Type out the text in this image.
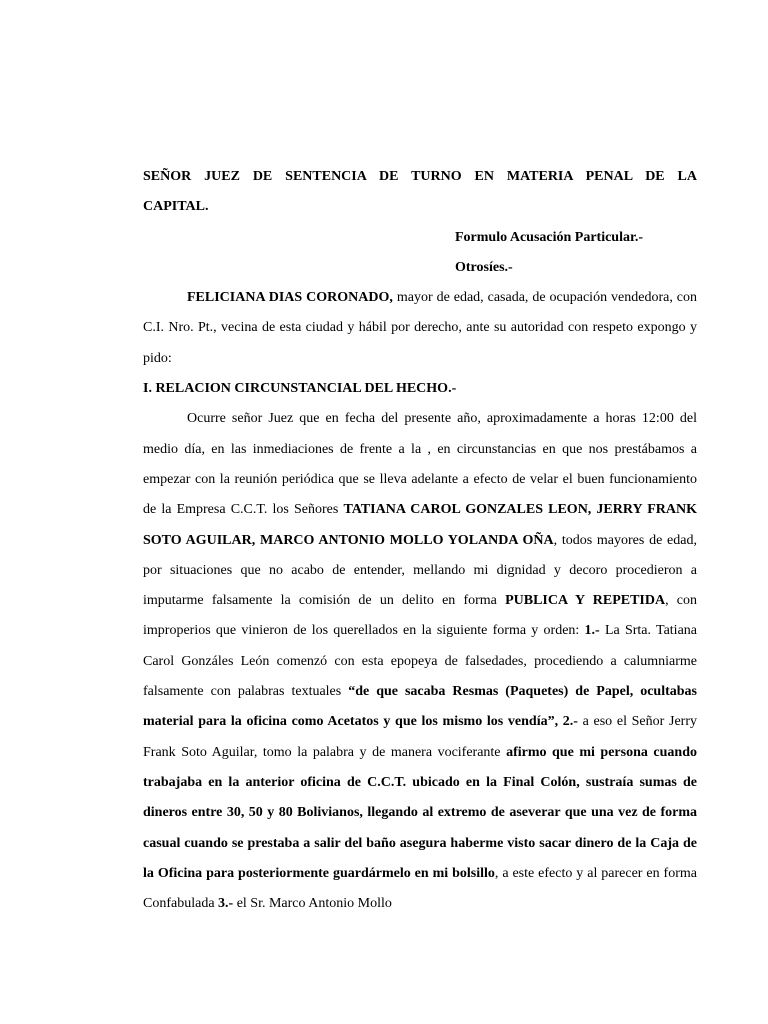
SEÑOR JUEZ DE SENTENCIA DE TURNO EN MATERIA PENAL DE LA CAPITAL.

Formulo Acusación Particular.-

Otrosíes.-

FELICIANA DIAS CORONADO, mayor de edad, casada, de ocupación vendedora, con C.I. Nro. Pt., vecina de esta ciudad y hábil por derecho, ante su autoridad con respeto expongo y pido:

I. RELACION CIRCUNSTANCIAL DEL HECHO.-

Ocurre señor Juez que en fecha del presente año, aproximadamente a horas 12:00 del medio día, en las inmediaciones de frente a la , en circunstancias en que nos prestábamos a empezar con la reunión periódica que se lleva adelante a efecto de velar el buen funcionamiento de la Empresa C.C.T. los Señores TATIANA CAROL GONZALES LEON, JERRY FRANK SOTO AGUILAR, MARCO ANTONIO MOLLO YOLANDA OÑA, todos mayores de edad, por situaciones que no acabo de entender, mellando mi dignidad y decoro procedieron a imputarme falsamente la comisión de un delito en forma PUBLICA Y REPETIDA, con improperios que vinieron de los querellados en la siguiente forma y orden: 1.- La Srta. Tatiana Carol Gonzáles León comenzó con esta epopeya de falsedades, procediendo a calumniarme falsamente con palabras textuales “de que sacaba Resmas (Paquetes) de Papel, ocultabas material para la oficina como Acetatos y que los mismo los vendía”, 2.- a eso el Señor Jerry Frank Soto Aguilar, tomo la palabra y de manera vociferante afirmo que mi persona cuando trabajaba en la anterior oficina de C.C.T. ubicado en la Final Colón, sustraía sumas de dineros entre 30, 50 y 80 Bolivianos, llegando al extremo de aseverar que una vez de forma casual cuando se prestaba a salir del baño asegura haberme visto sacar dinero de la Caja de la Oficina para posteriormente guardármelo en mi bolsillo, a este efecto y al parecer en forma Confabulada 3.- el Sr. Marco Antonio Mollo
